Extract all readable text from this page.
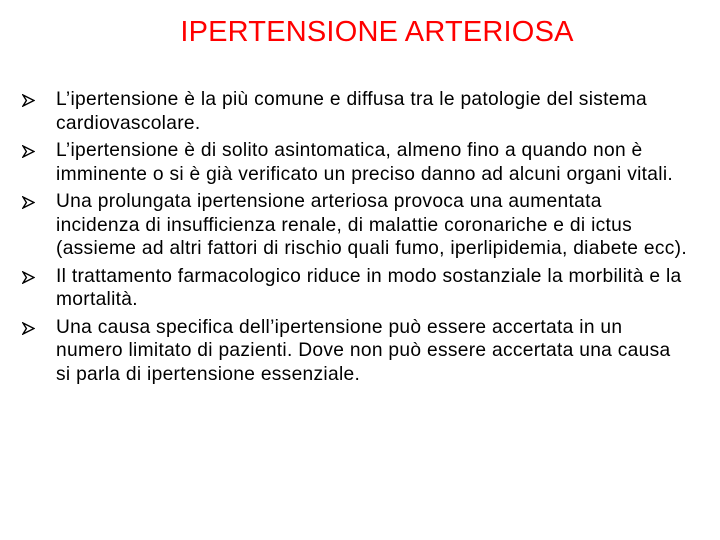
IPERTENSIONE ARTERIOSA
L’ipertensione è la più comune e diffusa tra le patologie del sistema cardiovascolare.
L’ipertensione è di solito asintomatica, almeno fino a quando non è imminente o si è già verificato un preciso danno ad alcuni organi vitali.
Una prolungata ipertensione arteriosa provoca una aumentata incidenza di insufficienza renale, di malattie coronariche e di ictus (assieme ad altri fattori di rischio quali fumo, iperlipidemia, diabete ecc).
Il trattamento farmacologico riduce in modo sostanziale la morbilità e la mortalità.
Una causa specifica dell’ipertensione può essere accertata in un numero limitato di pazienti. Dove non può essere accertata una causa si parla di ipertensione essenziale.
